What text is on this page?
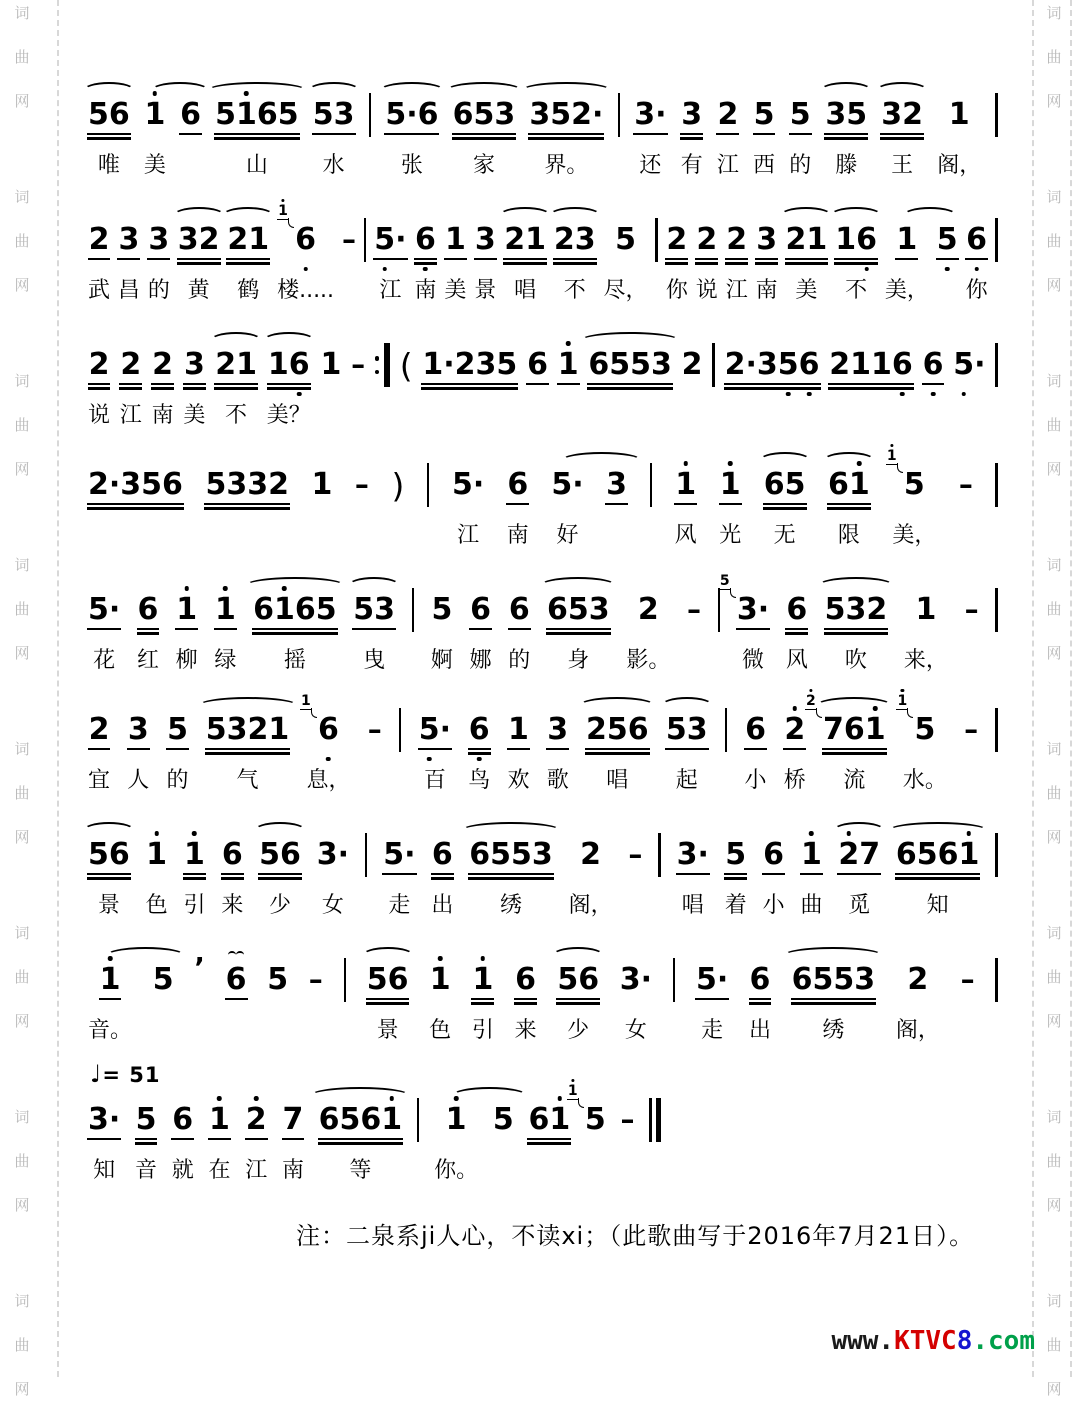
词
曲
网
词
曲
网
词
曲
网
词
曲
网
词
曲
网
词
曲
网
词
曲
网
词
曲
网
词
曲
网
词
曲
网
词
曲
网
词
曲
网
词
曲
网
词
曲
网
词
曲
网
词
曲
网
♩= 51
56
唯
1
美
6 5165
山
53
水
5·6
张
653
家
352·
界。
3·
还
3
有
2
江
5
西
5
的
35
滕
32
王
1
阁，
2
武
3
昌
3
的
32
黄
21
鹤
1
6
楼.....
– 5·
江
6
南
1
美
3
景
21
唱
23
不
5
尽，
2
你
2
说
2
江
3
南
21
美
16
不
1
美，
5 6
你
2
说
2
江
2
南
3
美
21
不
16
美？
1 – ( 1·235 6 1 6553 2 2·356 2116 6 5·
2·356 5332 1 – ) 5·
江
6
南
5·
好
3 1
风
1
光
65
无
61
限
1
5
美，
–
5·
花
6
红
1
柳
1
绿
6165
摇
53
曳
5
婀
6
娜
6
的
653
身
2
影。
–
5
3·
微
6
风
532
吹
1
来，
–
2
宜
3
人
5
的
5321
气
1
6
息，
– 5·
百
6
鸟
1
欢
3
歌
256
唱
53
起
6
小
2
桥
2
761
流
1
5
水。
–
56
景
1
色
1
引
6
来
56
少
3·
女
5·
走
6
出
6553
绣
2
阁，
– 3·
唱
5
着
6
小
1
曲
27
觅
6561
知
1
音。
5 ’ 6 5 – 56
景
1
色
1
引
6
来
56
少
3·
女
5·
走
6
出
6553
绣
2
阁，
–
3·
知
5
音
6
就
1
在
2
江
7
南
6561
等
1
你。
5 61
1
5 –
注：二泉系ji人心，不读xi；（此歌曲写于2016年7月21日）。
www.KTVC8.com
